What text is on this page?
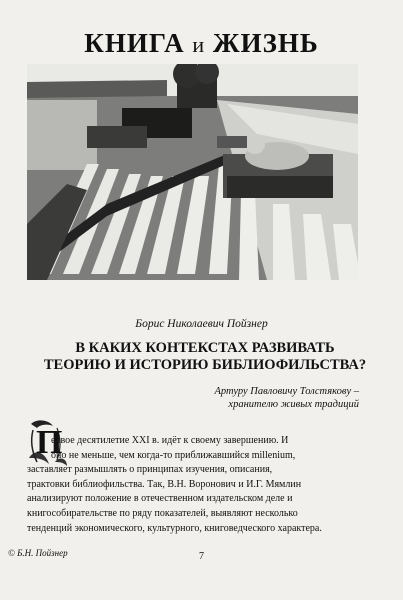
КНИГА и ЖИЗНЬ
Борис Николаевич Пойзнер
В КАКИХ КОНТЕКСТАХ РАЗВИВАТЬ
ТЕОРИЮ И ИСТОРИЮ БИБЛИОФИЛЬСТВА?
Артуру Павловичу Толстякову –
хранителю живых традиций
П

ервое десятилетие XXI в. идёт к своему завершению. И
оно не меньше, чем когда-то приближавшийся millenium,
заставляет размышлять о принципах изучения, описания,
трактовки библиофильства. Так, В.Н. Воронович и И.Г. Мямлин
анализируют положение в отечественном издательском деле и
книгособирательстве по ряду показателей, выявляют несколько
тенденций экономического, культурного, книговедческого характера.

© Б.Н. Пойзнер	7
